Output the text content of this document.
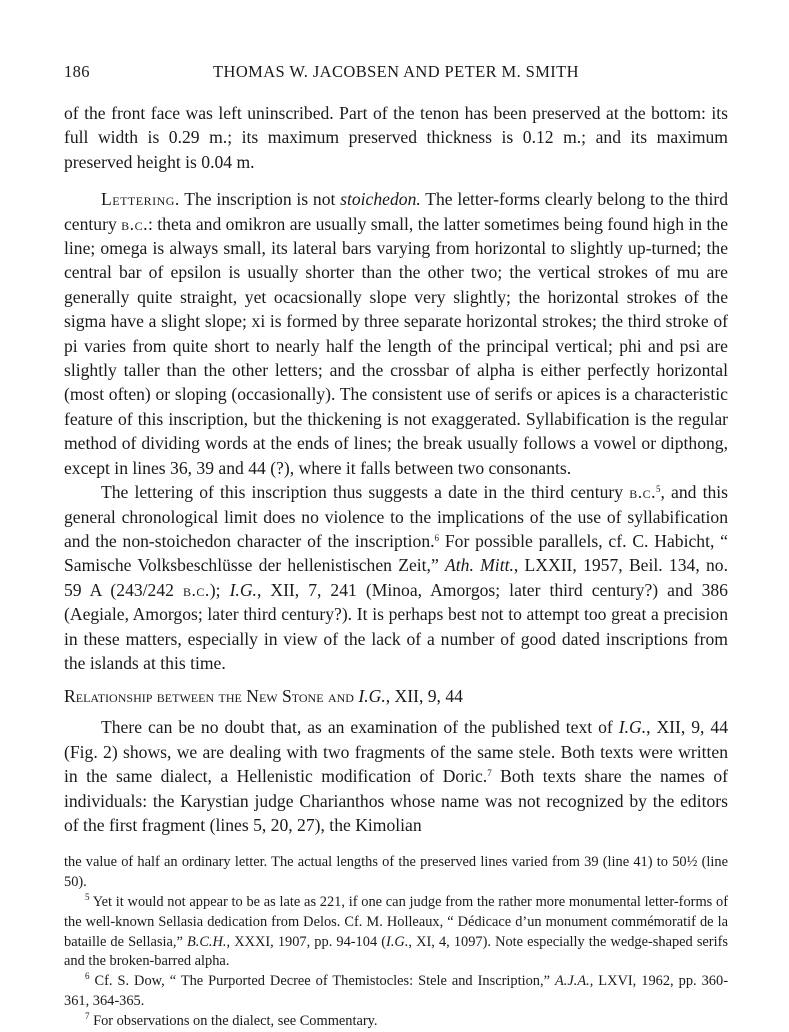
186	THOMAS W. JACOBSEN AND PETER M. SMITH

of the front face was left uninscribed. Part of the tenon has been preserved at the bottom: its full width is 0.29 m.; its maximum preserved thickness is 0.12 m.; and its maximum preserved height is 0.04 m.

Lettering. The inscription is not stoichedon. The letter-forms clearly belong to the third century b.c.: theta and omikron are usually small, the latter sometimes being found high in the line; omega is always small, its lateral bars varying from horizontal to slightly up-turned; the central bar of epsilon is usually shorter than the other two; the vertical strokes of mu are generally quite straight, yet ocacsionally slope very slightly; the horizontal strokes of the sigma have a slight slope; xi is formed by three separate horizontal strokes; the third stroke of pi varies from quite short to nearly half the length of the principal vertical; phi and psi are slightly taller than the other letters; and the crossbar of alpha is either perfectly horizontal (most often) or sloping (occasionally). The consistent use of serifs or apices is a characteristic feature of this inscription, but the thickening is not exaggerated. Syllabification is the regular method of dividing words at the ends of lines; the break usually follows a vowel or dipthong, except in lines 36, 39 and 44 (?), where it falls between two consonants.

The lettering of this inscription thus suggests a date in the third century b.c.$^5$, and this general chronological limit does no violence to the implications of the use of syllabification and the non-stoichedon character of the inscription.$^6$ For possible parallels, cf. C. Habicht, “ Samische Volksbeschlüsse der hellenistischen Zeit,” Ath. Mitt., LXXII, 1957, Beil. 134, no. 59 A (243/242 b.c.); I.G., XII, 7, 241 (Minoa, Amorgos; later third century?) and 386 (Aegiale, Amorgos; later third century?). It is perhaps best not to attempt too great a precision in these matters, especially in view of the lack of a number of good dated inscriptions from the islands at this time.

Relationship between the New Stone and I.G., XII, 9, 44

There can be no doubt that, as an examination of the published text of I.G., XII, 9, 44 (Fig. 2) shows, we are dealing with two fragments of the same stele. Both texts were written in the same dialect, a Hellenistic modification of Doric.$^7$ Both texts share the names of individuals: the Karystian judge Charianthos whose name was not recognized by the editors of the first fragment (lines 5, 20, 27), the Kimolian

the value of half an ordinary letter. The actual lengths of the preserved lines varied from 39 (line 41) to 50½ (line 50).

$^5$ Yet it would not appear to be as late as 221, if one can judge from the rather more monumental letter-forms of the well-known Sellasia dedication from Delos. Cf. M. Holleaux, “ Dédicace d’un monument commémoratif de la bataille de Sellasia,” B.C.H., XXXI, 1907, pp. 94-104 (I.G., XI, 4, 1097). Note especially the wedge-shaped serifs and the broken-barred alpha.

$^6$ Cf. S. Dow, “ The Purported Decree of Themistocles: Stele and Inscription,” A.J.A., LXVI, 1962, pp. 360-361, 364-365.

$^7$ For observations on the dialect, see Commentary.
